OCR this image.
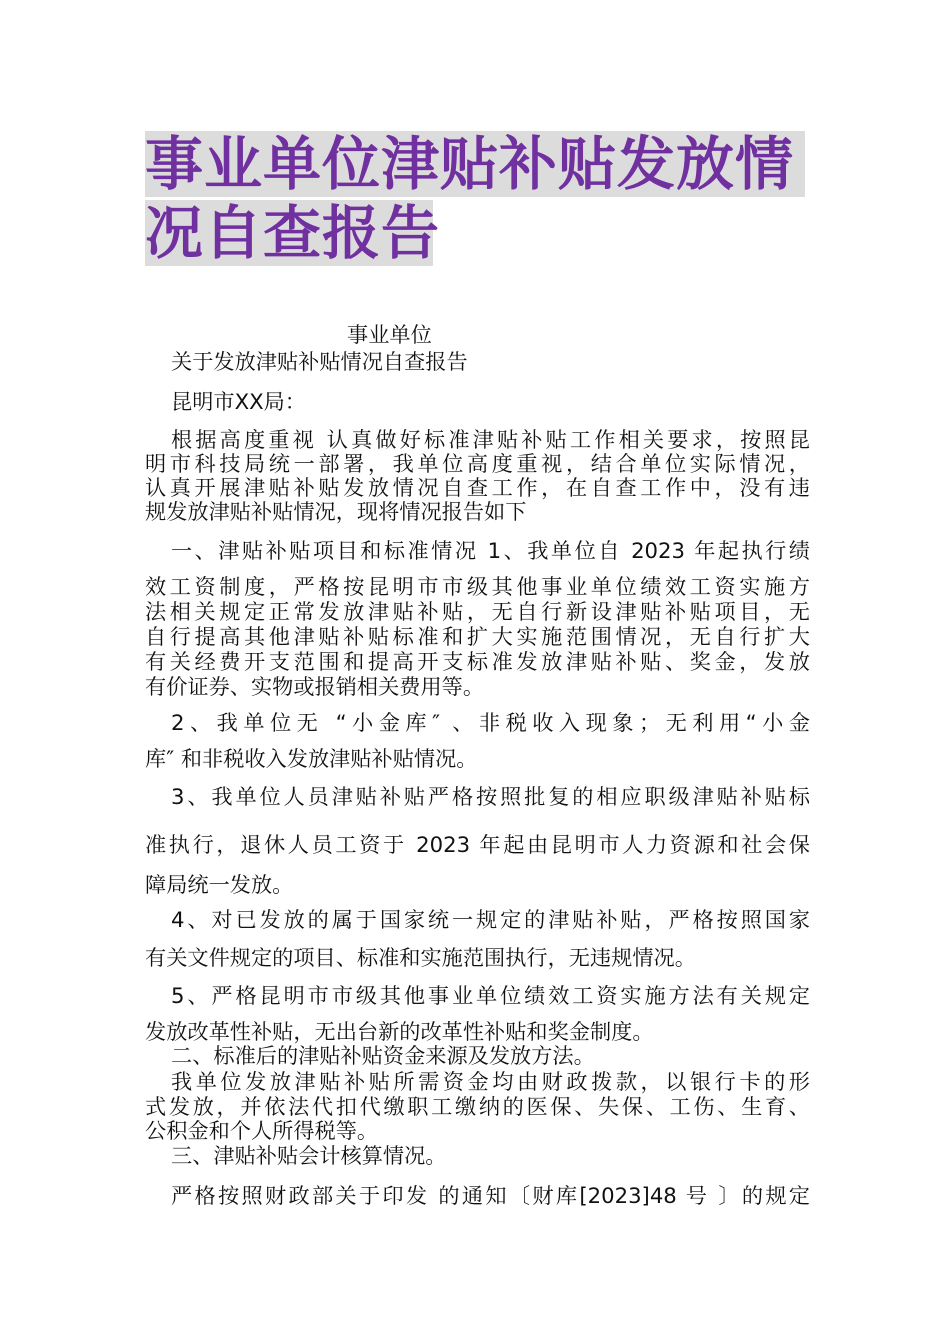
事业单位津贴补贴发放情
况自查报告
事业单位
关于发放津贴补贴情况自查报告
昆明市XX局：
根据高度重视 认真做好标准津贴补贴工作相关要求，按照昆
明市科技局统一部署，我单位高度重视，结合单位实际情况，
认真开展津贴补贴发放情况自查工作，在自查工作中，没有违
规发放津贴补贴情况，现将情况报告如下
一、津贴补贴项目和标准情况 1、我单位自 2023 年起执行绩
效工资制度，严格按昆明市市级其他事业单位绩效工资实施方
法相关规定正常发放津贴补贴，无自行新设津贴补贴项目，无
自行提高其他津贴补贴标准和扩大实施范围情况，无自行扩大
有关经费开支范围和提高开支标准发放津贴补贴、奖金，发放
有价证券、实物或报销相关费用等。
2、我单位无 “小金库″ 、非税收入现象；无利用“小金
库″ 和非税收入发放津贴补贴情况。
3、我单位人员津贴补贴严格按照批复的相应职级津贴补贴标
准执行，退休人员工资于 2023 年起由昆明市人力资源和社会保
障局统一发放。
4、对已发放的属于国家统一规定的津贴补贴，严格按照国家
有关文件规定的项目、标准和实施范围执行，无违规情况。
5、严格昆明市市级其他事业单位绩效工资实施方法有关规定
发放改革性补贴，无出台新的改革性补贴和奖金制度。
二、标准后的津贴补贴资金来源及发放方法。
我单位发放津贴补贴所需资金均由财政拨款，以银行卡的形
式发放，并依法代扣代缴职工缴纳的医保、失保、工伤、生育、
公积金和个人所得税等。
三、津贴补贴会计核算情况。
严格按照财政部关于印发 的通知〔财库[2023]48 号 〕的规定
